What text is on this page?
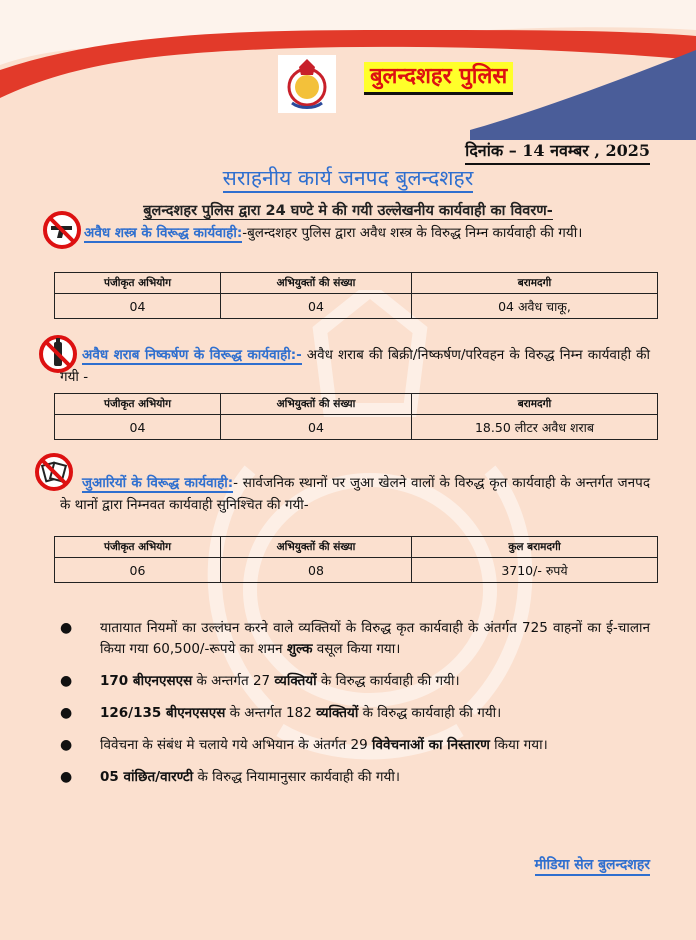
बुलन्दशहर पुलिस
दिनांक – 14 नवम्बर , 2025
सराहनीय कार्य जनपद बुलन्दशहर
बुलन्दशहर पुलिस द्वारा 24 घण्टे मे की गयी उल्लेखनीय कार्यवाही का विवरण-
अवैध शस्त्र के विरूद्ध कार्यवाही:-बुलन्दशहर पुलिस द्वारा अवैध शस्त्र के विरुद्ध निम्न कार्यवाही की गयी।
पंजीकृत अभियोग	अभियुक्तों की संख्या	बरामदगी
04	04	04 अवैध चाकू,
अवैध शराब निष्कर्षण के विरूद्ध कार्यवाही:- अवैध शराब की बिक्री/निष्कर्षण/परिवहन के विरुद्ध निम्न कार्यवाही की गयी -
पंजीकृत अभियोग	अभियुक्तों की संख्या	बरामदगी
04	04	18.50 लीटर अवैध शराब
जुआरियों के विरूद्ध कार्यवाही:- सार्वजनिक स्थानों पर जुआ खेलने वालों के विरुद्ध कृत कार्यवाही के अन्तर्गत जनपद के थानों द्वारा निम्नवत कार्यवाही सुनिश्चित की गयी-
पंजीकृत अभियोग	अभियुक्तों की संख्या	कुल बरामदगी
06	08	3710/- रुपये
● यातायात नियमों का उल्लंघन करने वाले व्यक्तियों के विरुद्ध कृत कार्यवाही के अंतर्गत 725 वाहनों का ई-चालान किया गया 60,500/-रूपये का शमन शुल्क वसूल किया गया।
● 170 बीएनएसएस के अन्तर्गत 27 व्यक्तियों के विरुद्ध कार्यवाही की गयी।
● 126/135 बीएनएसएस के अन्तर्गत 182 व्यक्तियों के विरुद्ध कार्यवाही की गयी।
● विवेचना के संबंध मे चलाये गये अभियान के अंतर्गत 29 विवेचनाओं का निस्तारण किया गया।
● 05 वांछित/वारण्टी के विरुद्ध नियामानुसार कार्यवाही की गयी।
मीडिया सेल बुलन्दशहर
